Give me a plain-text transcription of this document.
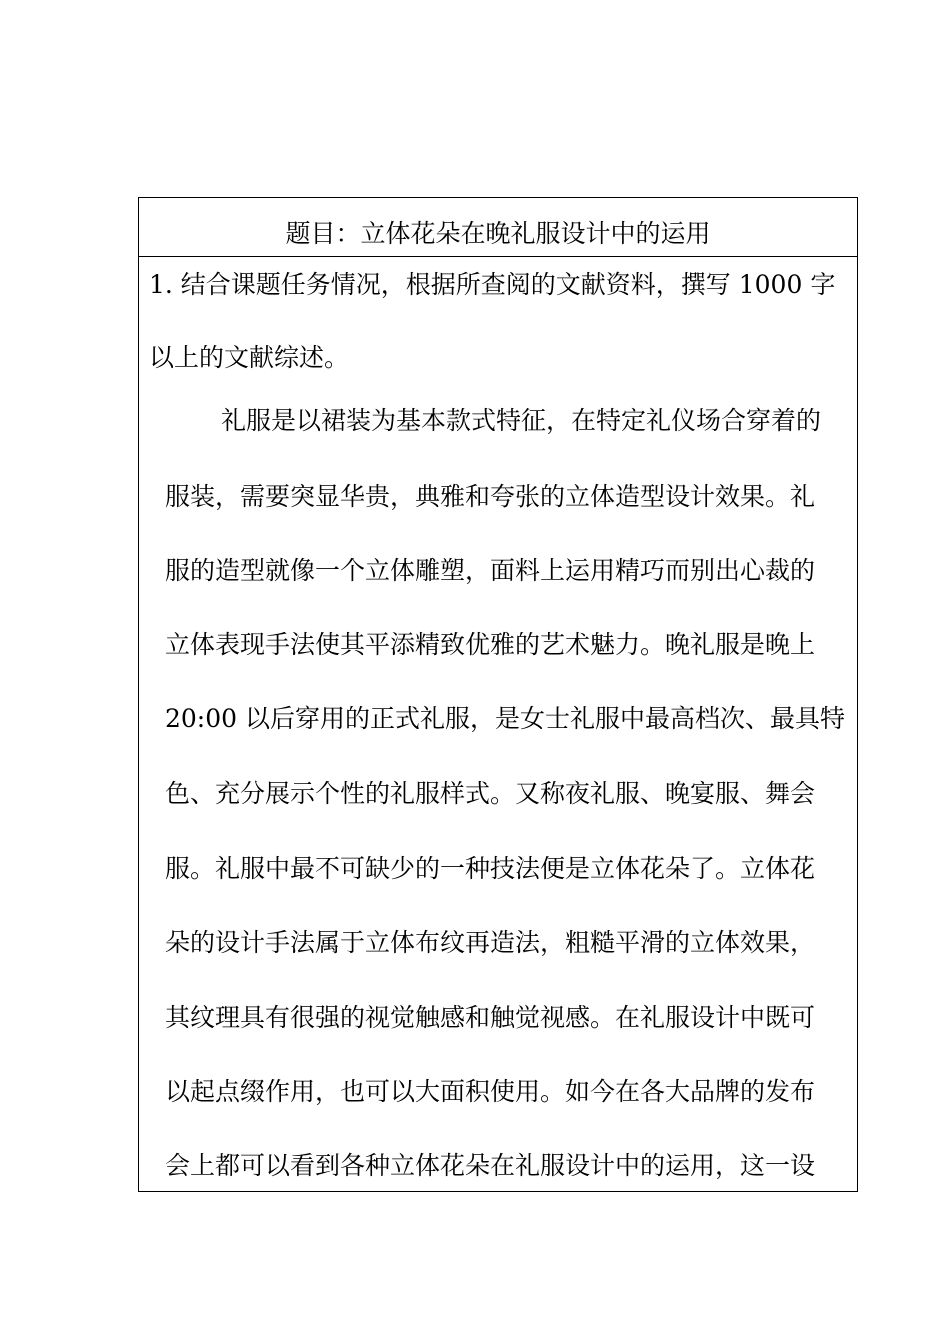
题目：立体花朵在晚礼服设计中的运用
1. 结合课题任务情况，根据所查阅的文献资料，撰写 1000 字
以上的文献综述。
礼服是以裙装为基本款式特征，在特定礼仪场合穿着的
服装，需要突显华贵，典雅和夸张的立体造型设计效果。礼
服的造型就像一个立体雕塑，面料上运用精巧而别出心裁的
立体表现手法使其平添精致优雅的艺术魅力。晚礼服是晚上
20:00 以后穿用的正式礼服，是女士礼服中最高档次、最具特
色、充分展示个性的礼服样式。又称夜礼服、晚宴服、舞会
服。礼服中最不可缺少的一种技法便是立体花朵了。立体花
朵的设计手法属于立体布纹再造法，粗糙平滑的立体效果，
其纹理具有很强的视觉触感和触觉视感。在礼服设计中既可
以起点缀作用，也可以大面积使用。如今在各大品牌的发布
会上都可以看到各种立体花朵在礼服设计中的运用，这一设
